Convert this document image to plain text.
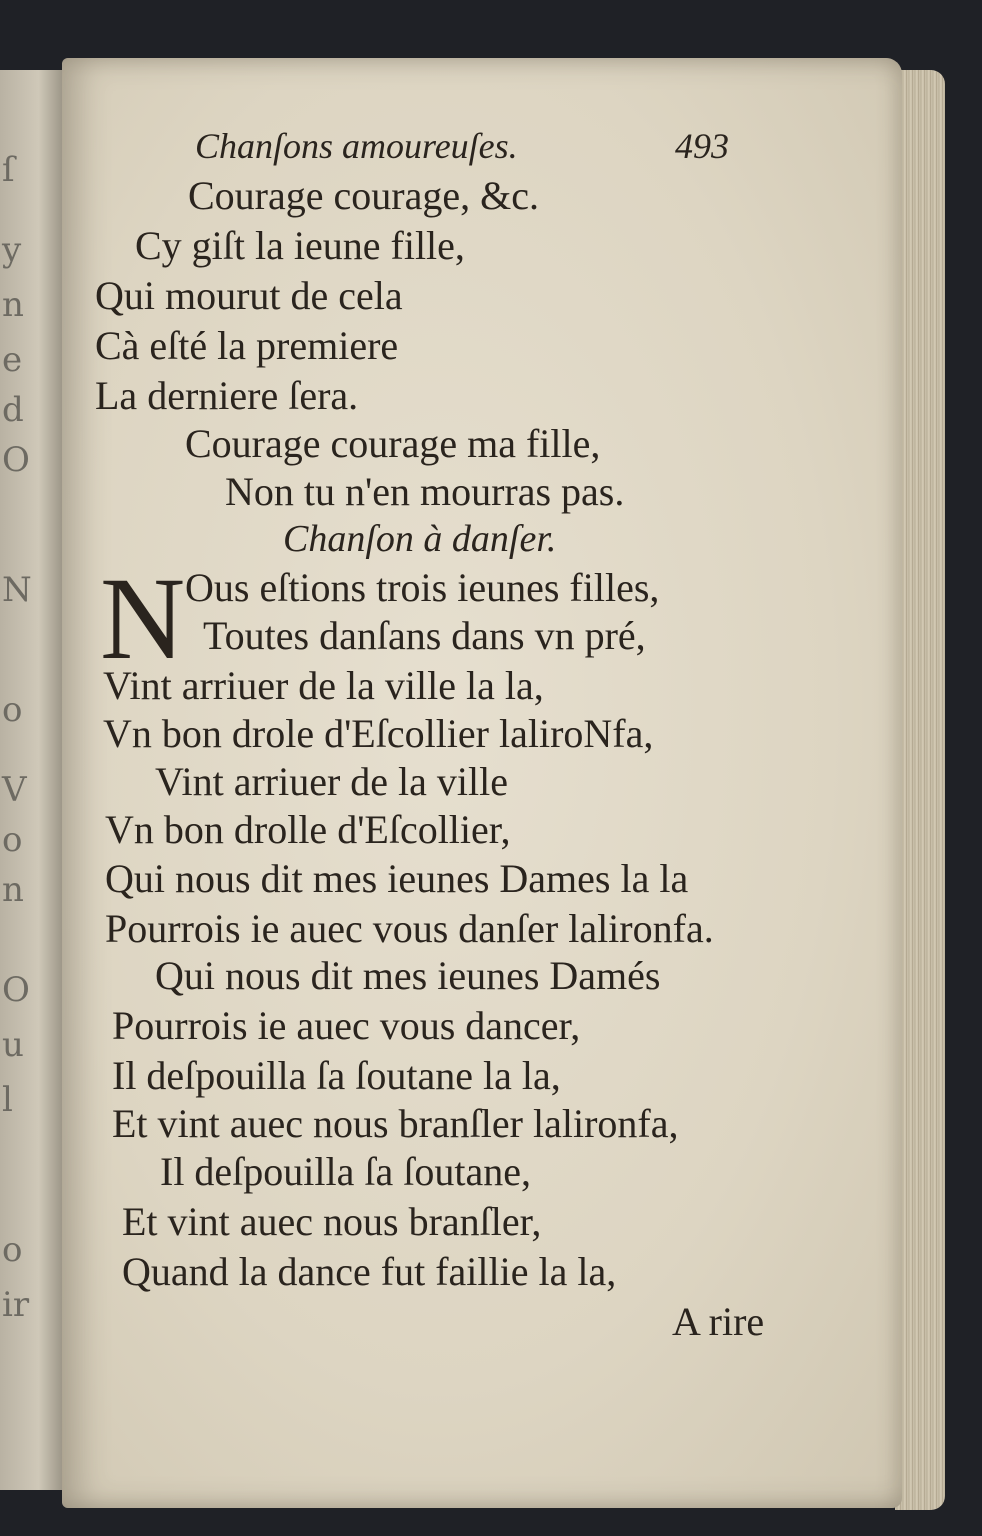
ſ
y
n
e
d
O
N
o
V
o
n
O
u
l
o
ir
Chanſons amoureuſes.	493
Courage courage, &c.
Cy giſt la ieune fille,
Qui mourut de cela
Cà eſté la premiere
La derniere ſera.
Courage courage ma fille,
Non tu n'en mourras pas.
Chanſon à danſer.
N Ous eſtions trois ieunes filles,
Toutes danſans dans vn pré,
Vint arriuer de la ville la la,
Vn bon drole d'Eſcollier laliroNfa,
Vint arriuer de la ville
Vn bon drolle d'Eſcollier,
Qui nous dit mes ieunes Dames la la
Pourrois ie auec vous danſer lalironfa.
Qui nous dit mes ieunes Damés
Pourrois ie auec vous dancer,
Il deſpouilla ſa ſoutane la la,
Et vint auec nous branſler lalironfa,
Il deſpouilla ſa ſoutane,
Et vint auec nous branſler,
Quand la dance fut faillie la la,
A rire
